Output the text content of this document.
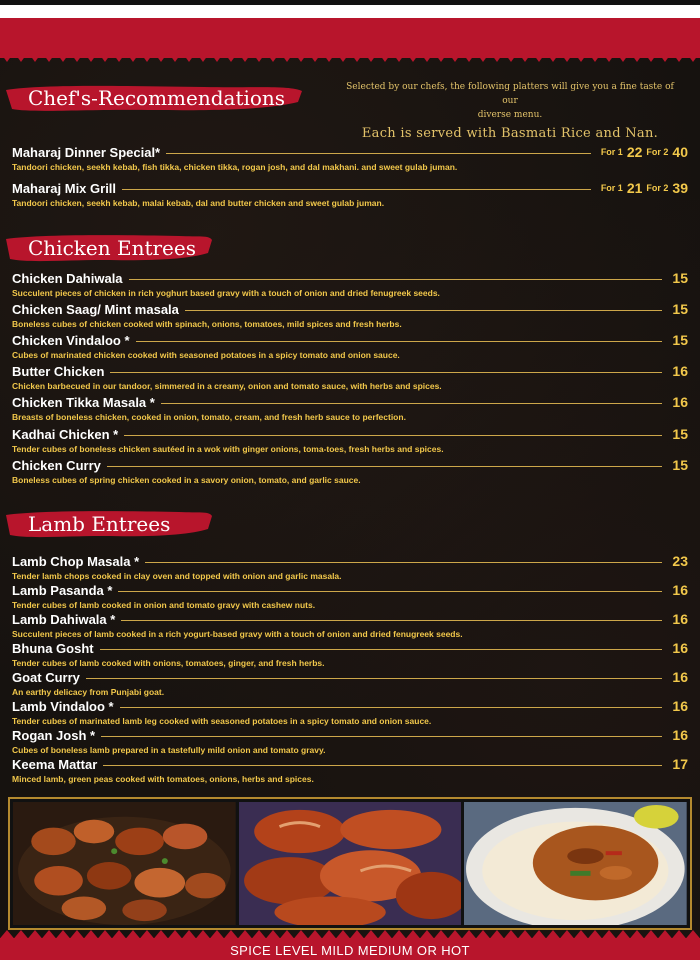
Chef's-Recommendations	Selected by our chefs, the following platters will give you a fine taste of our
diverse menu.
Each is served with Basmati Rice and Nan.
Maharaj Dinner Special*	For 1 22 For 2 40
Tandoori chicken, seekh kebab, fish tikka, chicken tikka, rogan josh, and dal makhani. and sweet gulab juman.
Maharaj Mix Grill	For 1 21 For 2 39
Tandoori chicken, seekh kebab, malai kebab, dal and butter chicken and sweet gulab juman.
Chicken Entrees
Chicken Dahiwala	15
Succulent pieces of chicken in rich yoghurt based gravy with a touch of onion and dried fenugreek seeds.
Chicken Saag/ Mint masala	15
Boneless cubes of chicken cooked with spinach, onions, tomatoes, mild spices and fresh herbs.
Chicken Vindaloo *	15
Cubes of marinated chicken cooked with seasoned potatoes in a spicy tomato and onion sauce.
Butter Chicken	16
Chicken barbecued in our tandoor, simmered in a creamy, onion and tomato sauce, with herbs and spices.
Chicken Tikka Masala *	16
Breasts of boneless chicken, cooked in onion, tomato, cream, and fresh herb sauce to perfection.
Kadhai Chicken *	15
Tender cubes of boneless chicken sautéed in a wok with ginger onions, toma-toes, fresh herbs and spices.
Chicken Curry	15
Boneless cubes of spring chicken cooked in a savory onion, tomato, and garlic sauce.
Lamb Entrees
Lamb Chop Masala *	23
Tender lamb chops cooked in clay oven and topped with onion and garlic masala.
Lamb Pasanda *	16
Tender cubes of lamb cooked in onion and tomato gravy with cashew nuts.
Lamb Dahiwala *	16
Succulent pieces of lamb cooked in a rich yogurt-based gravy with a touch of onion and dried fenugreek seeds.
Bhuna Gosht	16
Tender cubes of lamb cooked with onions, tomatoes, ginger, and fresh herbs.
Goat Curry	16
An earthy delicacy from Punjabi goat.
Lamb Vindaloo *	16
Tender cubes of marinated lamb leg cooked with seasoned potatoes in a spicy tomato and onion sauce.
Rogan Josh *	16
Cubes of boneless lamb prepared in a tastefully mild onion and tomato gravy.
Keema Mattar	17
Minced lamb, green peas cooked with tomatoes, onions, herbs and spices.
SPICE LEVEL MILD MEDIUM OR HOT
